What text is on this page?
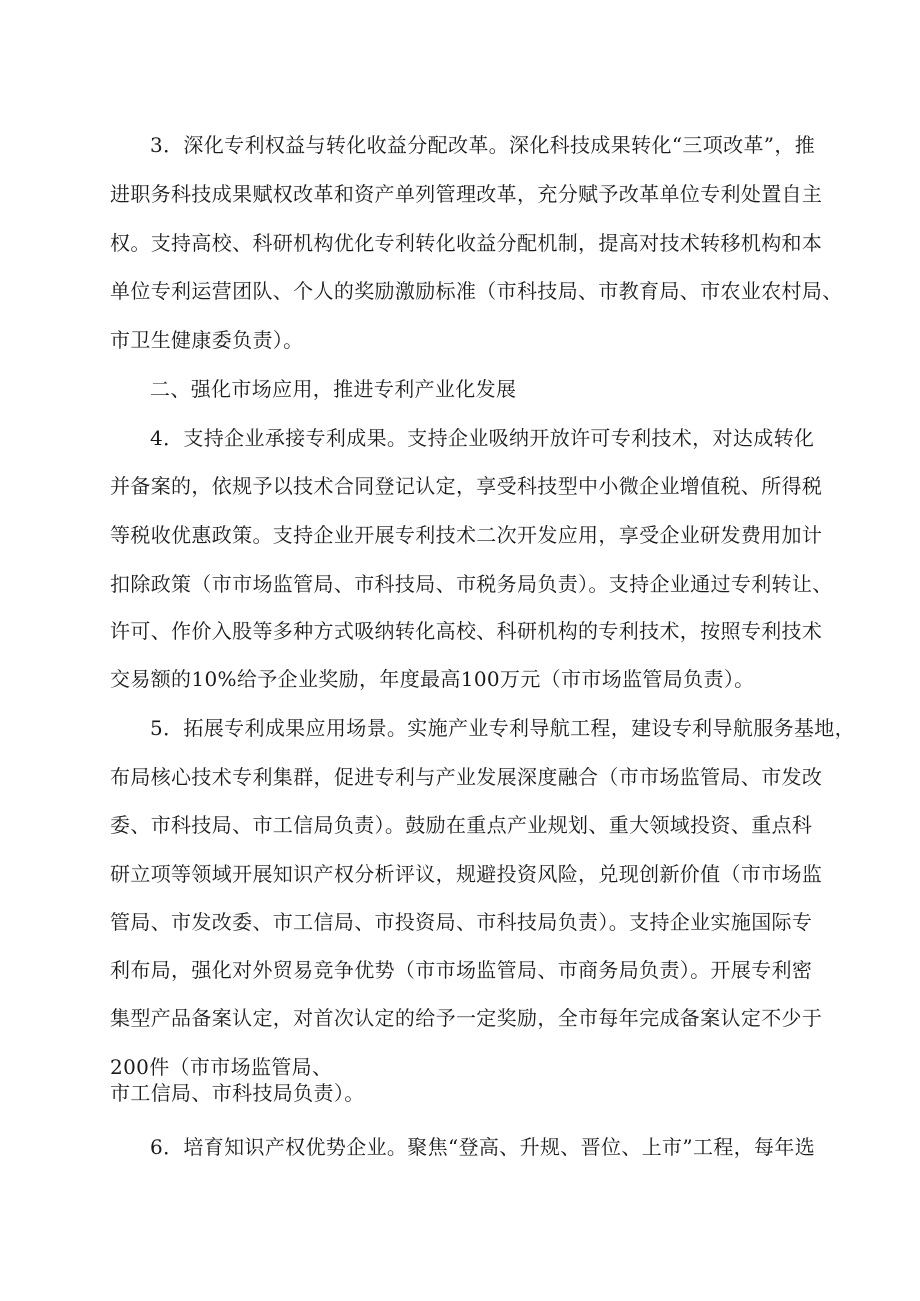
3．深化专利权益与转化收益分配改革。深化科技成果转化“三项改革”，推
进职务科技成果赋权改革和资产单列管理改革，充分赋予改革单位专利处置自主
权。支持高校、科研机构优化专利转化收益分配机制，提高对技术转移机构和本
单位专利运营团队、个人的奖励激励标准（市科技局、市教育局、市农业农村局、
市卫生健康委负责）。
二、强化市场应用，推进专利产业化发展
4．支持企业承接专利成果。支持企业吸纳开放许可专利技术，对达成转化
并备案的，依规予以技术合同登记认定，享受科技型中小微企业增值税、所得税
等税收优惠政策。支持企业开展专利技术二次开发应用，享受企业研发费用加计
扣除政策（市市场监管局、市科技局、市税务局负责）。支持企业通过专利转让、
许可、作价入股等多种方式吸纳转化高校、科研机构的专利技术，按照专利技术
交易额的10%给予企业奖励，年度最高100万元（市市场监管局负责）。
5．拓展专利成果应用场景。实施产业专利导航工程，建设专利导航服务基地，
布局核心技术专利集群，促进专利与产业发展深度融合（市市场监管局、市发改
委、市科技局、市工信局负责）。鼓励在重点产业规划、重大领域投资、重点科
研立项等领域开展知识产权分析评议，规避投资风险，兑现创新价值（市市场监
管局、市发改委、市工信局、市投资局、市科技局负责）。支持企业实施国际专
利布局，强化对外贸易竞争优势（市市场监管局、市商务局负责）。开展专利密
集型产品备案认定，对首次认定的给予一定奖励，全市每年完成备案认定不少于
200件（市市场监管局、
市工信局、市科技局负责）。
6．培育知识产权优势企业。聚焦“登高、升规、晋位、上市”工程，每年选
